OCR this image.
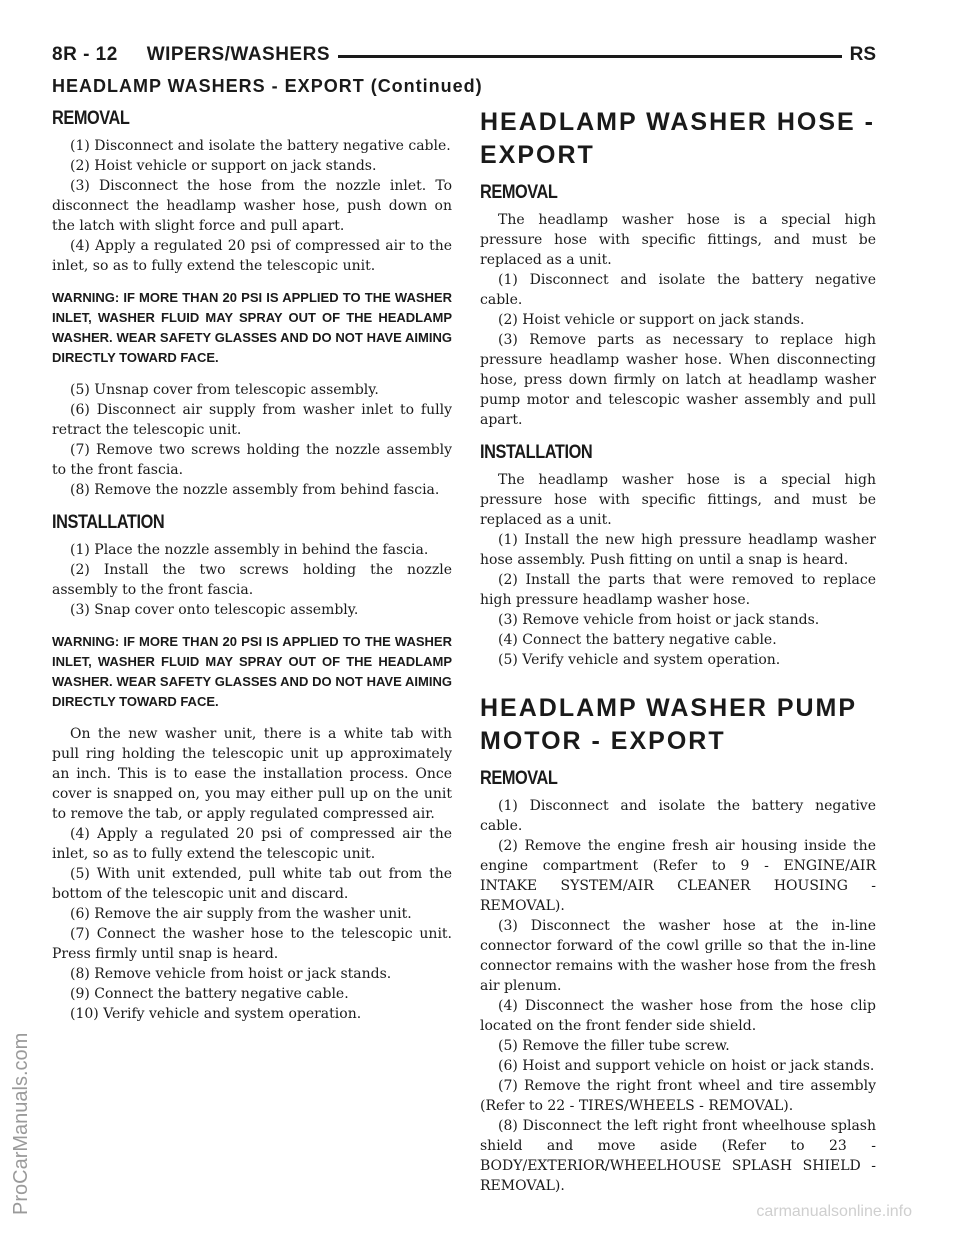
8R - 12     WIPERS/WASHERS	RS
HEADLAMP WASHERS - EXPORT (Continued)
REMOVAL

(1) Disconnect and isolate the battery negative cable.

(2) Hoist vehicle or support on jack stands.

(3) Disconnect the hose from the nozzle inlet. To disconnect the headlamp washer hose, push down on the latch with slight force and pull apart.

(4) Apply a regulated 20 psi of compressed air to the inlet, so as to fully extend the telescopic unit.

WARNING: IF MORE THAN 20 PSI IS APPLIED TO THE WASHER INLET, WASHER FLUID MAY SPRAY OUT OF THE HEADLAMP WASHER. WEAR SAFETY GLASSES AND DO NOT HAVE AIMING DIRECTLY TOWARD FACE.

(5) Unsnap cover from telescopic assembly.

(6) Disconnect air supply from washer inlet to fully retract the telescopic unit.

(7) Remove two screws holding the nozzle assembly to the front fascia.

(8) Remove the nozzle assembly from behind fascia.

INSTALLATION

(1) Place the nozzle assembly in behind the fascia.

(2) Install the two screws holding the nozzle assembly to the front fascia.

(3) Snap cover onto telescopic assembly.

WARNING: IF MORE THAN 20 PSI IS APPLIED TO THE WASHER INLET, WASHER FLUID MAY SPRAY OUT OF THE HEADLAMP WASHER. WEAR SAFETY GLASSES AND DO NOT HAVE AIMING DIRECTLY TOWARD FACE.

On the new washer unit, there is a white tab with pull ring holding the telescopic unit up approximately an inch. This is to ease the installation process. Once cover is snapped on, you may either pull up on the unit to remove the tab, or apply regulated compressed air.

(4) Apply a regulated 20 psi of compressed air the inlet, so as to fully extend the telescopic unit.

(5) With unit extended, pull white tab out from the bottom of the telescopic unit and discard.

(6) Remove the air supply from the washer unit.

(7) Connect the washer hose to the telescopic unit. Press firmly until snap is heard.

(8) Remove vehicle from hoist or jack stands.

(9) Connect the battery negative cable.

(10) Verify vehicle and system operation.

HEADLAMP WASHER HOSE - EXPORT
REMOVAL

The headlamp washer hose is a special high pressure hose with specific fittings, and must be replaced as a unit.

(1) Disconnect and isolate the battery negative cable.

(2) Hoist vehicle or support on jack stands.

(3) Remove parts as necessary to replace high pressure headlamp washer hose. When disconnecting hose, press down firmly on latch at headlamp washer pump motor and telescopic washer assembly and pull apart.

INSTALLATION

The headlamp washer hose is a special high pressure hose with specific fittings, and must be replaced as a unit.

(1) Install the new high pressure headlamp washer hose assembly. Push fitting on until a snap is heard.

(2) Install the parts that were removed to replace high pressure headlamp washer hose.

(3) Remove vehicle from hoist or jack stands.

(4) Connect the battery negative cable.

(5) Verify vehicle and system operation.

HEADLAMP WASHER PUMP MOTOR - EXPORT
REMOVAL

(1) Disconnect and isolate the battery negative cable.

(2) Remove the engine fresh air housing inside the engine compartment (Refer to 9 - ENGINE/AIR INTAKE SYSTEM/AIR CLEANER HOUSING - REMOVAL).

(3) Disconnect the washer hose at the in-line connector forward of the cowl grille so that the in-line connector remains with the washer hose from the fresh air plenum.

(4) Disconnect the washer hose from the hose clip located on the front fender side shield.

(5) Remove the filler tube screw.

(6) Hoist and support vehicle on hoist or jack stands.

(7) Remove the right front wheel and tire assembly (Refer to 22 - TIRES/WHEELS - REMOVAL).

(8) Disconnect the left right front wheelhouse splash shield and move aside (Refer to 23 - BODY/EXTERIOR/WHEELHOUSE SPLASH SHIELD - REMOVAL).

ProCarManuals.com	carmanualsonline.info
